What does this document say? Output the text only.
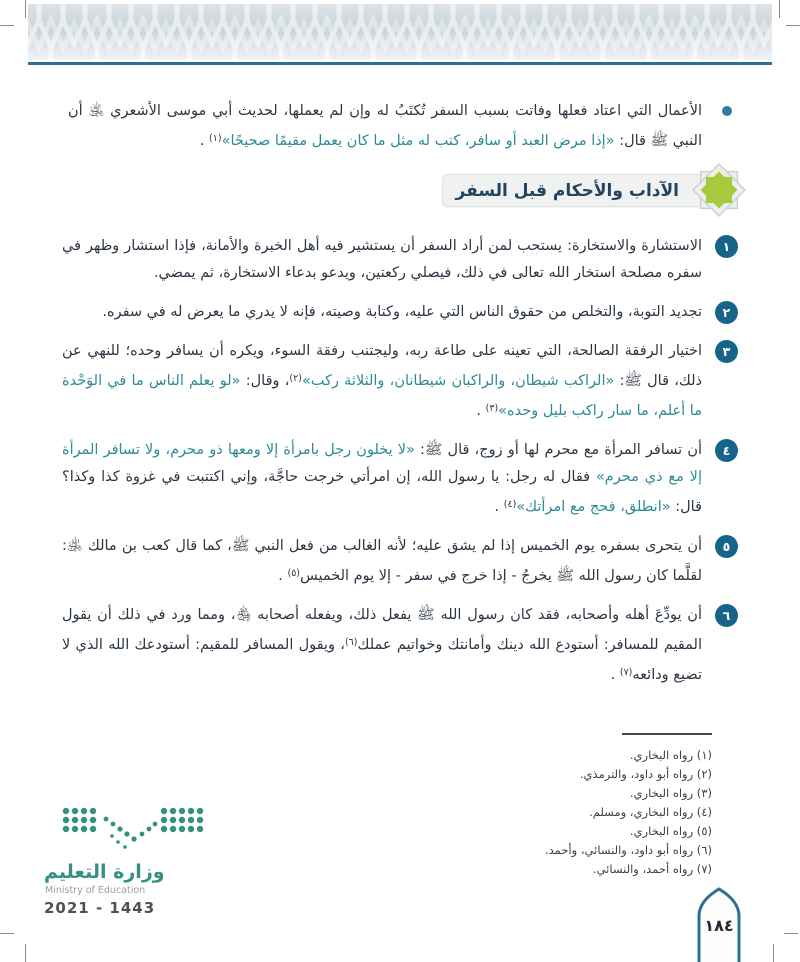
الأعمال التي اعتاد فعلها وفاتت بسبب السفر تُكتَبُ له وإن لم يعملها، لحديث أبي موسى الأشعري ﵁ أن النبي ﷺ قال: «إذا مرض العبد أو سافر، كتب له مثل ما كان يعمل مقيمًا صحيحًا»$^{(١)}$ .
الآداب والأحكام قبل السفر
١

الاستشارة والاستخارة: يستحب لمن أراد السفر أن يستشير فيه أهل الخبرة والأمانة، فإذا استشار وظهر في سفره مصلحة استخار الله تعالى في ذلك، فيصلي ركعتين، ويدعو بدعاء الاستخارة، ثم يمضي.

٢

تجديد التوبة، والتخلص من حقوق الناس التي عليه، وكتابة وصيته، فإنه لا يدري ما يعرض له في سفره.

٣

اختيار الرفقة الصالحة، التي تعينه على طاعة ربه، وليجتنب رفقة السوء، ويكره أن يسافر وحده؛ للنهي عن ذلك، قال ﷺ: «الراكب شيطان، والراكبان شيطانان، والثلاثة ركب»$^{(٢)}$، وقال: «لو يعلم الناس ما في الوَحْدة ما أعلم، ما سار راكب بليل وحده»$^{(٣)}$ .

٤

أن تسافر المرأة مع محرم لها أو زوج، قال ﷺ: «لا يخلون رجل بامرأة إلا ومعها ذو محرم، ولا تسافر المرأة إلا مع ذي محرم» فقال له رجل: يا رسول الله، إن امرأتي خرجت حاجَّة، وإني اكتتبت في غزوة كذا وكذا؟ قال: «انطلق، فحج مع امرأتك»$^{(٤)}$ .

٥

أن يتحرى بسفره يوم الخميس إذا لم يشق عليه؛ لأنه الغالب من فعل النبي ﷺ، كما قال كعب بن مالك ﵁: لقلَّما كان رسول الله ﷺ يخرجُ - إذا خرج في سفر - إلا يوم الخميس$^{(٥)}$ .

٦

أن يودِّعَ أهله وأصحابه، فقد كان رسول الله ﷺ يفعل ذلك، ويفعله أصحابه ﵃، ومما ورد في ذلك أن يقول المقيم للمسافر: أستودع الله دينك وأمانتك وخواتيم عملك$^{(٦)}$، ويقول المسافر للمقيم: أستودعك الله الذي لا تضيع ودائعه$^{(٧)}$ .

(١) رواه البخاري.
(٢) رواه أبو داود، والترمذي.
(٣) رواه البخاري.
(٤) رواه البخاري، ومسلم.
(٥) رواه البخاري.
(٦) رواه أبو داود، والنسائي، وأحمد.
(٧) رواه أحمد، والنسائي.
وزارة التعليم
Ministry of Education
2021 - 1443
١٨٤
